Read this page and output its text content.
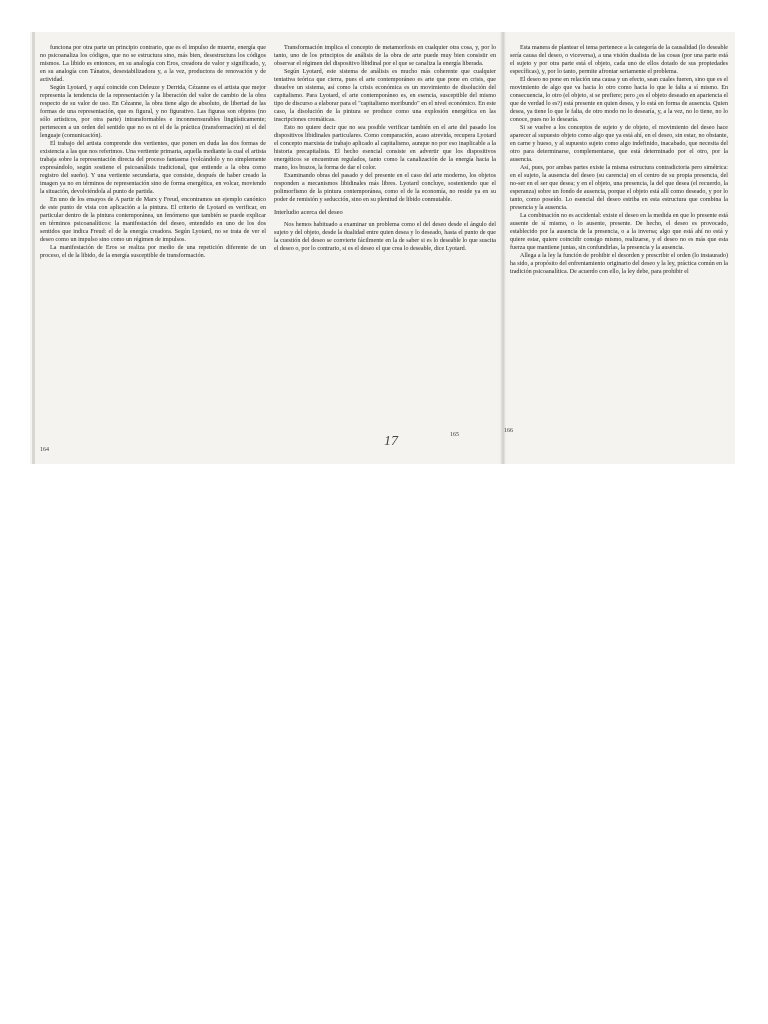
funciona por otra parte un principio contrario, que es el impulso de muerte, energía que no psicoanaliza los códigos, que no se estructura sino, más bien, desestructura los códigos mismos. La libido es entonces, en su analogía con Eros, creadora de valor y significado, y, en su analogía con Tánatos, desestabilizadora y, a la vez, productora de renovación y de actividad.

Según Lyotard, y aquí coincide con Deleuze y Derrida, Cézanne es el artista que mejor representa la tendencia de la representación y la liberación del valor de cambio de la obra respecto de su valor de uso. En Cézanne, la obra tiene algo de absoluto, de libertad de las formas de una representación, que es figural, y no figurativo. Las figuras son objetos (no sólo artísticos, por otra parte) intransformables e inconmensurables lingüísticamente; pertenecen a un orden del sentido que no es ni el de la práctica (transformación) ni el del lenguaje (comunicación).

El trabajo del artista comprende dos vertientes, que ponen en duda las dos formas de existencia a las que nos referimos. Una vertiente primaria, aquella mediante la cual el artista trabaja sobre la representación directa del proceso fantasma (volcándolo y no simplemente expresándolo, según sostiene el psicoanálisis tradicional, que entiende a la obra como registro del sueño). Y una vertiente secundaria, que consiste, después de haber creado la imagen ya no en términos de representación sino de forma energética, en volcar, moviendo la situación, devolviéndola al punto de partida.

En uno de los ensayos de A partir de Marx y Freud, encontramos un ejemplo canónico de este punto de vista con aplicación a la pintura. El criterio de Lyotard es verificar, en particular dentro de la pintura contemporánea, un fenómeno que también se puede explicar en términos psicoanalíticos: la manifestación del deseo, entendido en uno de los dos sentidos que indica Freud: el de la energía creadora. Según Lyotard, no se trata de ver el deseo como un impulso sino como un régimen de impulsos.

La manifestación de Eros se realiza por medio de una repetición diferente de un proceso, el de la libido, de la energía susceptible de transformación.

164

Transformación implica el concepto de metamorfosis en cualquier otra cosa, y, por lo tanto, uno de los principios de análisis de la obra de arte puede muy bien consistir en observar el régimen del dispositivo libidinal por el que se canaliza la energía liberada.

Según Lyotard, este sistema de análisis es mucho más coherente que cualquier tentativa teórica que cierra, pues el arte contemporáneo es arte que pone en crisis, que disuelve un sistema, así como la crisis económica es un movimiento de disolución del capitalismo. Para Lyotard, el arte contemporáneo es, en esencia, susceptible del mismo tipo de discurso a elaborar para el "capitalismo moribundo" en el nivel económico. En este caso, la disolución de la pintura se produce como una explosión energética en las inscripciones cromáticas.

Esto no quiere decir que no sea posible verificar también en el arte del pasado los dispositivos libidinales particulares. Como comparación, acaso atrevida, recupera Lyotard el concepto marxista de trabajo aplicado al capitalismo, aunque no por eso inaplicable a la historia precapitalista. El hecho esencial consiste en advertir que los dispositivos energéticos se encuentran regulados, tanto como la canalización de la energía hacia la mano, los brazos, la forma de dar el color.

Examinando obras del pasado y del presente en el caso del arte moderno, los objetos responden a mecanismos libidinales más libres. Lyotard concluye, sosteniendo que el polimorfismo de la pintura contemporánea, como el de la economía, no reside ya en su poder de remisión y seducción, sino en su plenitud de libido conmutable.

Interludio acerca del deseo

Nos hemos habituado a examinar un problema como el del deseo desde el ángulo del sujeto y del objeto, desde la dualidad entre quien desea y lo deseado, hasta el punto de que la cuestión del deseo se convierte fácilmente en la de saber si es lo deseable lo que suscita el deseo o, por lo contrario, si es el deseo el que crea lo deseable, dice Lyotard.

17	165

Esta manera de plantear el tema pertenece a la categoría de la causalidad (lo deseable sería causa del deseo, o viceversa), a una visión dualista de las cosas (por una parte está el sujeto y por otra parte está el objeto, cada uno de ellos dotado de sus propiedades específicas), y, por lo tanto, permite afrontar seriamente el problema.

El deseo no pone en relación una causa y un efecto, sean cuales fueren, sino que es el movimiento de algo que va hacia lo otro como hacia lo que le falta a sí mismo. En consecuencia, lo otro (el objeto, si se prefiere; pero ¿es el objeto deseado en apariencia el que de verdad lo es?) está presente en quien desea, y lo está en forma de ausencia. Quien desea, ya tiene lo que le falta, de otro modo no lo desearía, y, a la vez, no lo tiene, no lo conoce, pues no lo desearía.

Si se vuelve a los conceptos de sujeto y de objeto, el movimiento del deseo hace aparecer al supuesto objeto como algo que ya está ahí, en el deseo, sin estar, no obstante, en carne y hueso, y al supuesto sujeto como algo indefinido, inacabado, que necesita del otro para determinarse, complementarse, que está determinado por el otro, por la ausencia.

Así, pues, por ambas partes existe la misma estructura contradictoria pero simétrica: en el sujeto, la ausencia del deseo (su carencia) en el centro de su propia presencia, del no-ser en el ser que desea; y en el objeto, una presencia, la del que desea (el recuerdo, la esperanza) sobre un fondo de ausencia, porque el objeto está allí como deseado, y por lo tanto, como poseído. Lo esencial del deseo estriba en esta estructura que combina la presencia y la ausencia.

La combinación no es accidental: existe el deseo en la medida en que lo presente está ausente de sí mismo, o lo ausente, presente. De hecho, el deseo es provocado, establecido por la ausencia de la presencia, o a la inversa; algo que está ahí no está y quiere estar, quiere coincidir consigo mismo, realizarse, y el deseo no es más que esta fuerza que mantiene juntas, sin confundirlas, la presencia y la ausencia.

Allega a la ley la función de prohibir el desorden y prescribir el orden (lo instaurado) ha sido, a propósito del enfrentamiento originario del deseo y la ley, práctica común en la tradición psicoanalítica. De acuerdo con ello, la ley debe, para prohibir el

166
